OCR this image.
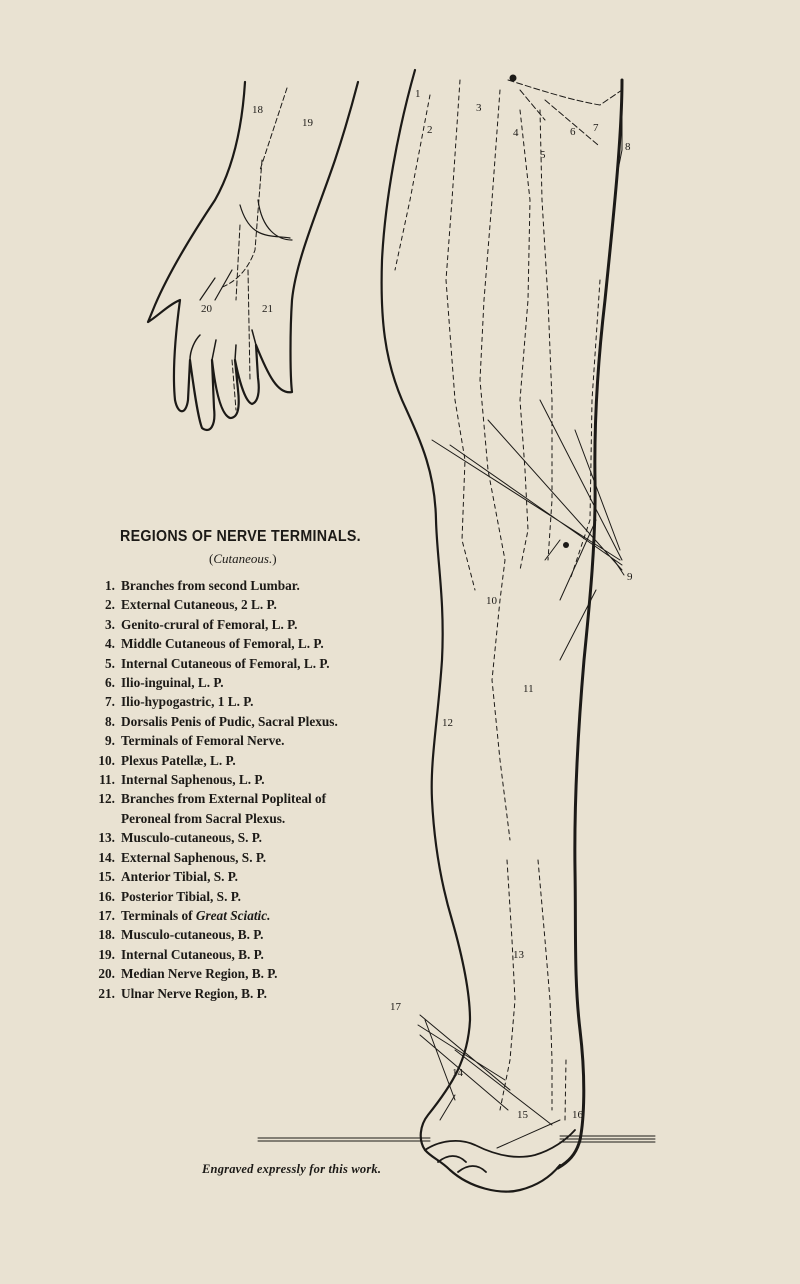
18
19
20	21
1
2
3
4
5
6 7
8
9
10
11
12
13
14
15	16
17
REGIONS OF NERVE TERMINALS.
(Cutaneous.)
1. Branches from second Lumbar.
2. External Cutaneous, 2 L. P.
3. Genito-crural of Femoral, L. P.
4. Middle Cutaneous of Femoral, L. P.
5. Internal Cutaneous of Femoral, L. P.
6. Ilio-inguinal, L. P.
7. Ilio-hypogastric, 1 L. P.
8. Dorsalis Penis of Pudic, Sacral Plexus.
9. Terminals of Femoral Nerve.
10. Plexus Patellæ, L. P.
11. Internal Saphenous, L. P.
12. Branches from External Popliteal of
Peroneal from Sacral Plexus.
13. Musculo-cutaneous, S. P.
14. External Saphenous, S. P.
15. Anterior Tibial, S. P.
16. Posterior Tibial, S. P.
17. Terminals of Great Sciatic.
18. Musculo-cutaneous, B. P.
19. Internal Cutaneous, B. P.
20. Median Nerve Region, B. P.
21. Ulnar Nerve Region, B. P.
Engraved expressly for this work.
